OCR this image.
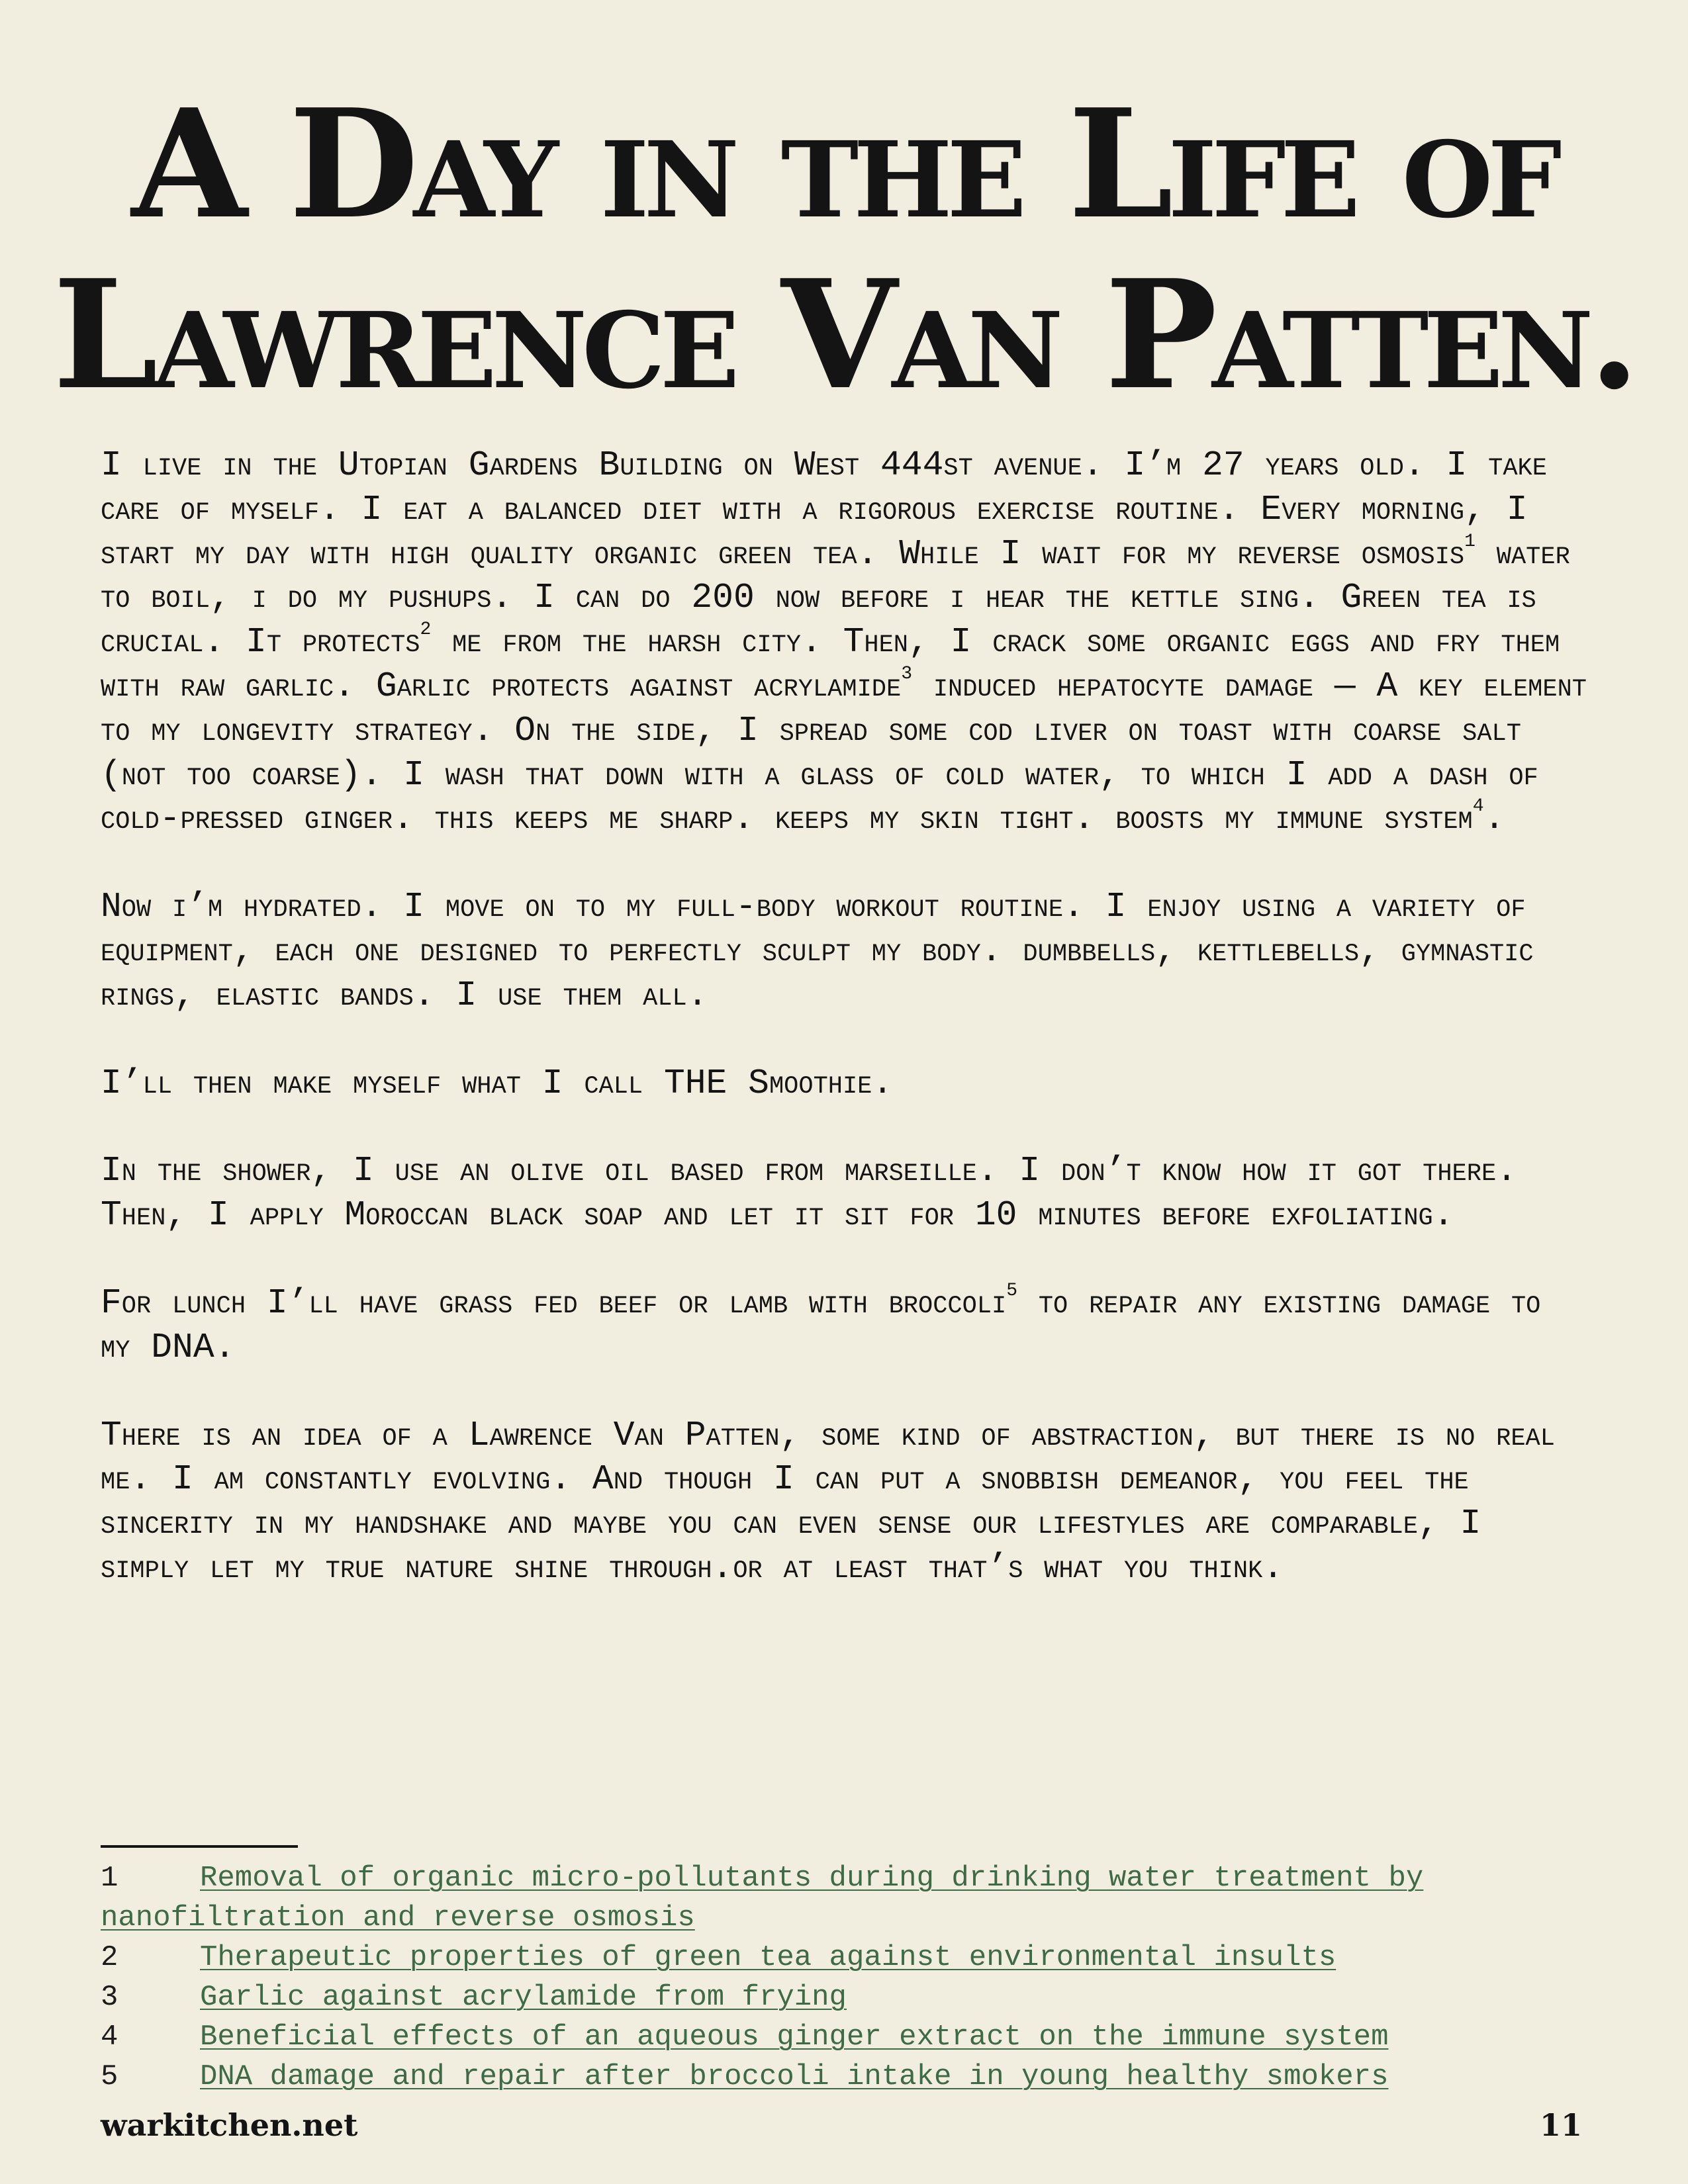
A Day in the Life of
Lawrence Van Patten.

I live in the Utopian Gardens Building on West 444st avenue. I’m 27 years old. I take care of myself. I eat a balanced diet with a rigorous exercise routine. Every morning, I start my day with high quality organic green tea. While I wait for my reverse osmosis$^1$ water to boil, i do my pushups. I can do 200 now before i hear the kettle sing. Green tea is crucial. It protects$^2$ me from the harsh city. Then, I crack some organic eggs and fry them with raw garlic. Garlic protects against acrylamide$^3$ induced hepatocyte damage — A key element to my longevity strategy. On the side, I spread some cod liver on toast with coarse salt (not too coarse). I wash that down with a glass of cold water, to which I add a dash of cold-pressed ginger. this keeps me sharp. keeps my skin tight. boosts my immune system$^4$.

Now i’m hydrated. I move on to my full-body workout routine. I enjoy using a variety of equipment, each one designed to perfectly sculpt my body. dumbbells, kettlebells, gymnastic rings, elastic bands. I use them all.

I’ll then make myself what I call THE Smoothie.

In the shower, I use an olive oil based from marseille. I don’t know how it got there. Then, I apply Moroccan black soap and let it sit for 10 minutes before exfoliating.

For lunch I’ll have grass fed beef or lamb with broccoli$^5$ to repair any existing damage to my DNA.

There is an idea of a Lawrence Van Patten, some kind of abstraction, but there is no real me. I am constantly evolving. And though I can put a snobbish demeanor, you feel the sincerity in my handshake and maybe you can even sense our lifestyles are comparable, I simply let my true nature shine through.or at least that’s what you think.

1	Removal of organic micro-pollutants during drinking water treatment by nanofiltration and reverse osmosis
2	Therapeutic properties of green tea against environmental insults
3	Garlic against acrylamide from frying
4	Beneficial effects of an aqueous ginger extract on the immune system
5	DNA damage and repair after broccoli intake in young healthy smokers
warkitchen.net	11
